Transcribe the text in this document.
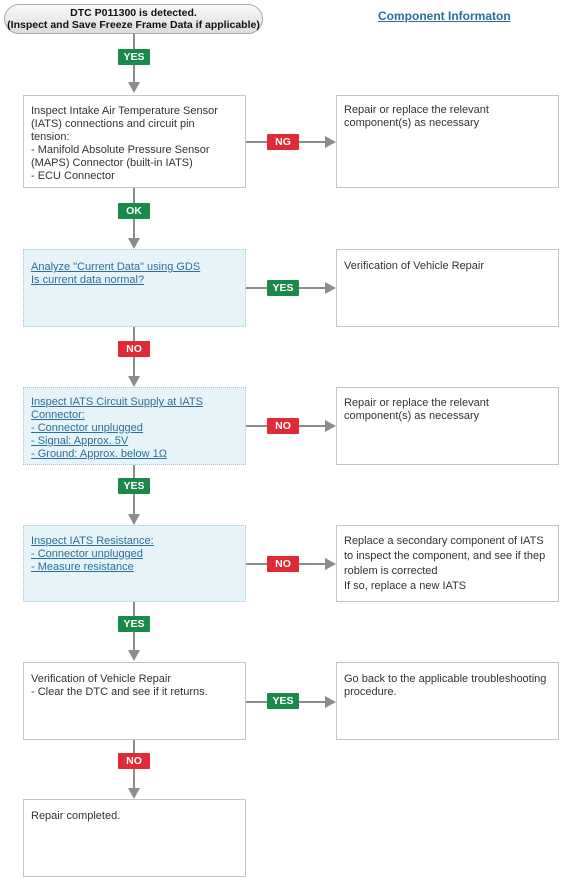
DTC P011300 is detected.
(Inspect and Save Freeze Frame Data if applicable)
Component Informaton
Inspect Intake Air Temperature Sensor
(IATS) connections and circuit pin
tension:
- Manifold Absolute Pressure Sensor
(MAPS) Connector (built-in IATS)
- ECU Connector
Analyze "Current Data" using GDS
Is current data normal?
Inspect IATS Circuit Supply at IATS
Connector:
- Connector unplugged
- Signal: Approx. 5V
- Ground: Approx. below 1Ω
Inspect IATS Resistance:
- Connector unplugged
- Measure resistance
Verification of Vehicle Repair
- Clear the DTC and see if it returns.
Repair completed.
Repair or replace the relevant
component(s) as necessary
Verification of Vehicle Repair
Repair or replace the relevant
component(s) as necessary
Replace a secondary component of IATS
to inspect the component, and see if thep
roblem is corrected
If so, replace a new IATS
Go back to the applicable troubleshooting
procedure.
YES
OK
NO
YES
YES
NO
NG
YES
NO
NO
YES
